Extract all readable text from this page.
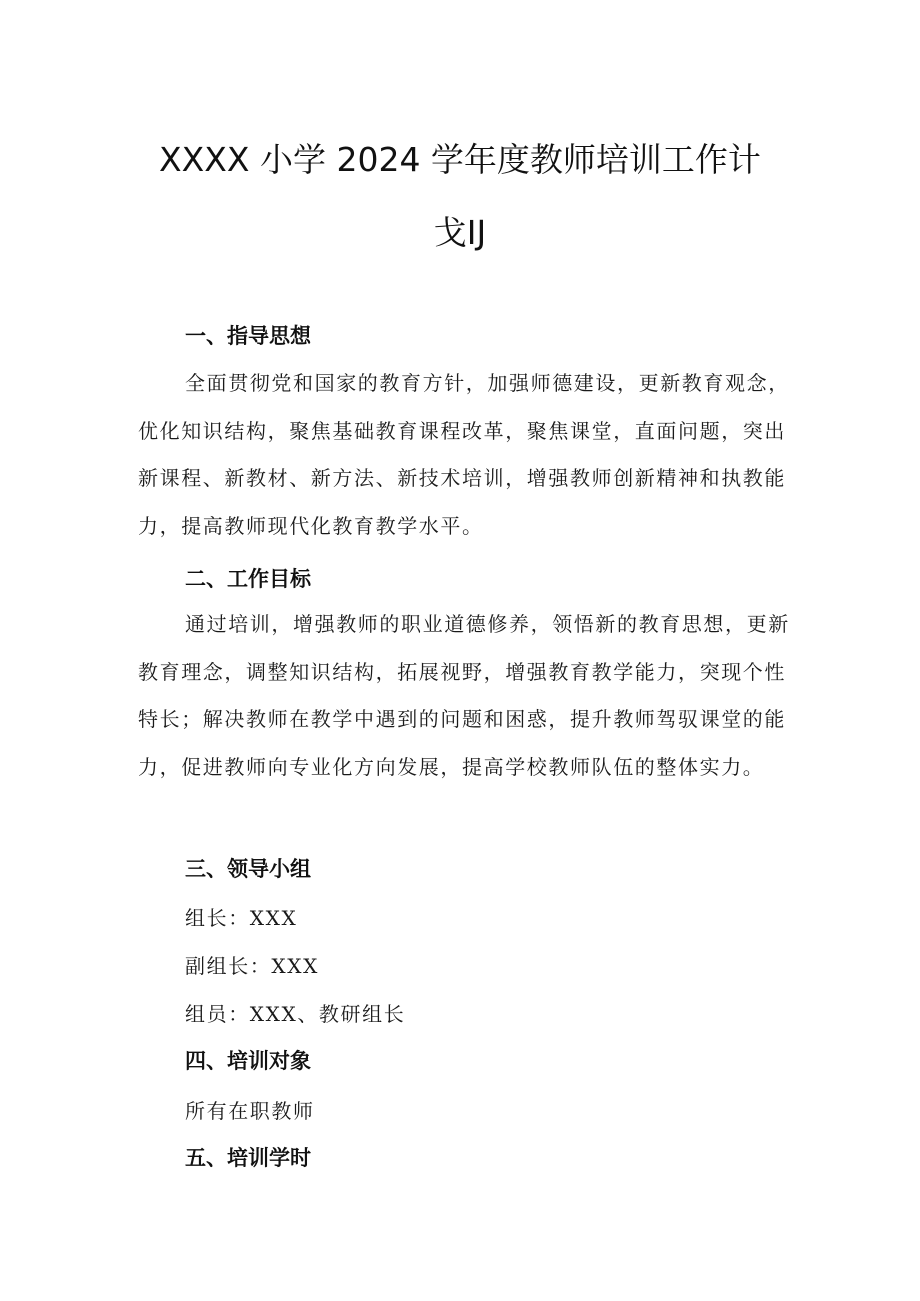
XXXX 小学 2024 学年度教师培训工作计
戈IJ
一、指导思想
全面贯彻党和国家的教育方针，加强师德建设，更新教育观念，优化知识结构，聚焦基础教育课程改革，聚焦课堂，直面问题，突出新课程、新教材、新方法、新技术培训，增强教师创新精神和执教能力，提高教师现代化教育教学水平。
二、工作目标
通过培训，增强教师的职业道德修养，领悟新的教育思想，更新教育理念，调整知识结构，拓展视野，增强教育教学能力，突现个性特长；解决教师在教学中遇到的问题和困惑，提升教师驾驭课堂的能力，促进教师向专业化方向发展，提高学校教师队伍的整体实力。
三、领导小组
组长：XXX
副组长：XXX
组员：XXX、教研组长
四、培训对象
所有在职教师
五、培训学时
